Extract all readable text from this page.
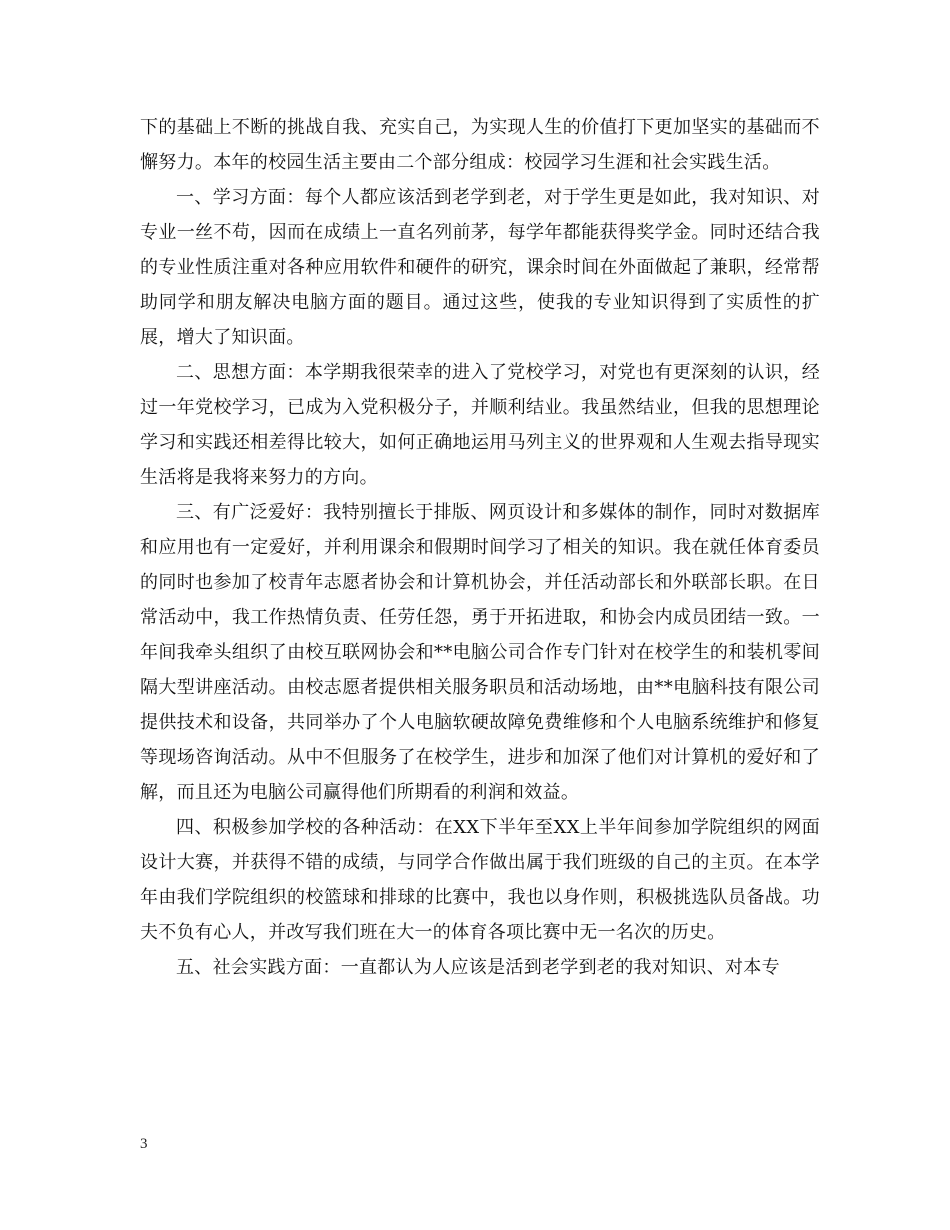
下的基础上不断的挑战自我、充实自己，为实现人生的价值打下更加坚实的基础而不懈努力。本年的校园生活主要由二个部分组成：校园学习生涯和社会实践生活。

一、学习方面：每个人都应该活到老学到老，对于学生更是如此，我对知识、对专业一丝不苟，因而在成绩上一直名列前茅，每学年都能获得奖学金。同时还结合我的专业性质注重对各种应用软件和硬件的研究，课余时间在外面做起了兼职，经常帮助同学和朋友解决电脑方面的题目。通过这些，使我的专业知识得到了实质性的扩展，增大了知识面。

二、思想方面：本学期我很荣幸的进入了党校学习，对党也有更深刻的认识，经过一年党校学习，已成为入党积极分子，并顺利结业。我虽然结业，但我的思想理论学习和实践还相差得比较大，如何正确地运用马列主义的世界观和人生观去指导现实生活将是我将来努力的方向。

三、有广泛爱好：我特别擅长于排版、网页设计和多媒体的制作，同时对数据库和应用也有一定爱好，并利用课余和假期时间学习了相关的知识。我在就任体育委员的同时也参加了校青年志愿者协会和计算机协会，并任活动部长和外联部长职。在日常活动中，我工作热情负责、任劳任怨，勇于开拓进取，和协会内成员团结一致。一年间我牵头组织了由校互联网协会和**电脑公司合作专门针对在校学生的和装机零间隔大型讲座活动。由校志愿者提供相关服务职员和活动场地，由**电脑科技有限公司提供技术和设备，共同举办了个人电脑软硬故障免费维修和个人电脑系统维护和修复等现场咨询活动。从中不但服务了在校学生，进步和加深了他们对计算机的爱好和了解，而且还为电脑公司赢得他们所期看的利润和效益。

四、积极参加学校的各种活动：在XX下半年至XX上半年间参加学院组织的网面设计大赛，并获得不错的成绩，与同学合作做出属于我们班级的自己的主页。在本学年由我们学院组织的校篮球和排球的比赛中，我也以身作则，积极挑选队员备战。功夫不负有心人，并改写我们班在大一的体育各项比赛中无一名次的历史。

五、社会实践方面：一直都认为人应该是活到老学到老的我对知识、对本专

3
